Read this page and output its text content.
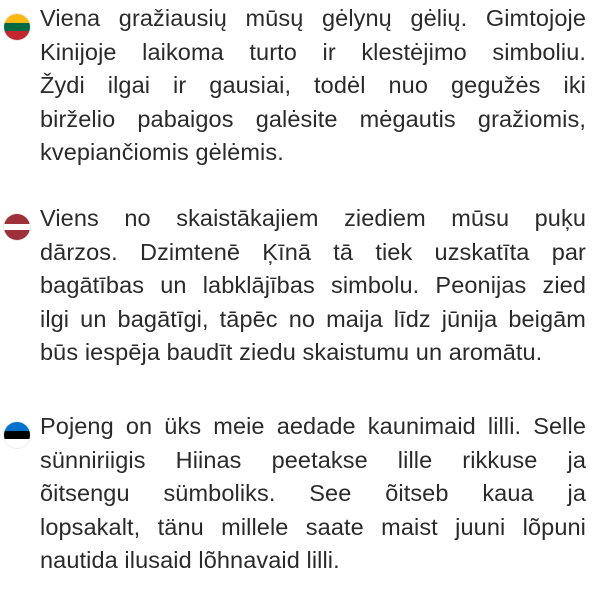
Viena gražiausių mūsų gėlynų gėlių. Gimtojoje
Kinijoje laikoma turto ir klestėjimo simboliu.
Žydi ilgai ir gausiai, todėl nuo gegužės iki
birželio pabaigos galėsite mėgautis gražiomis,
kvepiančiomis gėlėmis.

Viens no skaistākajiem ziediem mūsu puķu
dārzos. Dzimtenē Ķīnā tā tiek uzskatīta par
bagātības un labklājības simbolu. Peonijas zied
ilgi un bagātīgi, tāpēc no maija līdz jūnija beigām
būs iespēja baudīt ziedu skaistumu un aromātu.

Pojeng on üks meie aedade kaunimaid lilli. Selle
sünniriigis Hiinas peetakse lille rikkuse ja
õitsengu sümboliks. See õitseb kaua ja
lopsakalt, tänu millele saate maist juuni lõpuni
nautida ilusaid lõhnavaid lilli.
